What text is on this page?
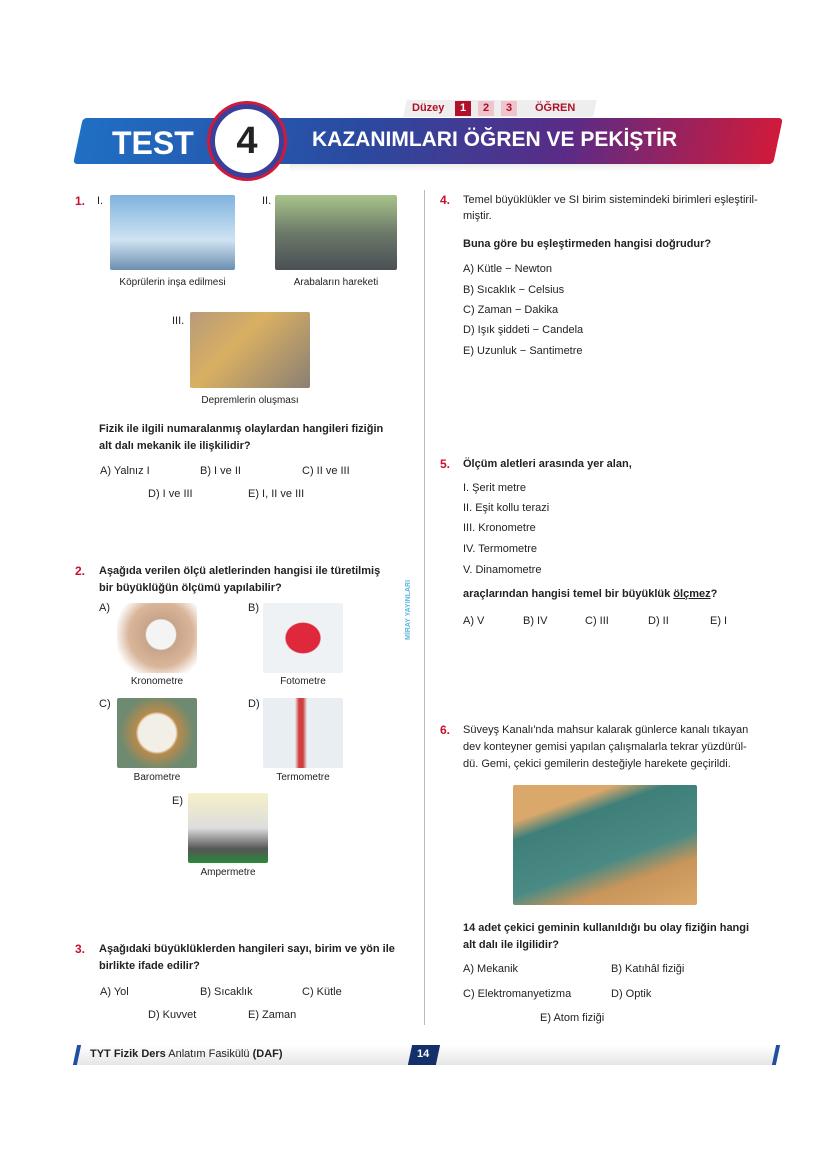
Düzey	1	2	3	ÖĞREN
TEST	4	KAZANIMLARI ÖĞREN VE PEKİŞTİR
MİRAY YAYINLARI
1. I.	II.
Köprülerin inşa edilmesi	Arabaların hareketi
III.
Depremlerin oluşması
Fizik ile ilgili numaralanmış olaylardan hangileri fiziğin
alt dalı mekanik ile ilişkilidir?
A) Yalnız I	B) I ve II	C) II ve III
D) I ve III	E) I, II ve III
2. Aşağıda verilen ölçü aletlerinden hangisi ile türetilmiş
bir büyüklüğün ölçümü yapılabilir?
A)
Kronometre
B)
Fotometre
C)
Barometre
D)
Termometre
E)
Ampermetre
3. Aşağıdaki büyüklüklerden hangileri sayı, birim ve yön ile
birlikte ifade edilir?
A) Yol	B) Sıcaklık	C) Kütle
D) Kuvvet	E) Zaman
4. Temel büyüklükler ve SI birim sistemindeki birimleri eşleştiril-
miştir.
Buna göre bu eşleştirmeden hangisi doğrudur?
A) Kütle − Newton
B) Sıcaklık − Celsius
C) Zaman − Dakika
D) Işık şiddeti − Candela
E) Uzunluk − Santimetre
5. Ölçüm aletleri arasında yer alan,
I. Şerit metre
II. Eşit kollu terazi
III. Kronometre
IV. Termometre
V. Dinamometre
araçlarından hangisi temel bir büyüklük ölçmez?
A) V	B) IV	C) III	D) II	E) I
6. Süveyş Kanalı'nda mahsur kalarak günlerce kanalı tıkayan
dev konteyner gemisi yapılan çalışmalarla tekrar yüzdürül-
dü. Gemi, çekici gemilerin desteğiyle harekete geçirildi.
14 adet çekici geminin kullanıldığı bu olay fiziğin hangi
alt dalı ile ilgilidir?
A) Mekanik	B) Katıhâl fiziği
C) Elektromanyetizma	D) Optik
E) Atom fiziği
TYT Fizik Ders Anlatım Fasikülü (DAF)	14
